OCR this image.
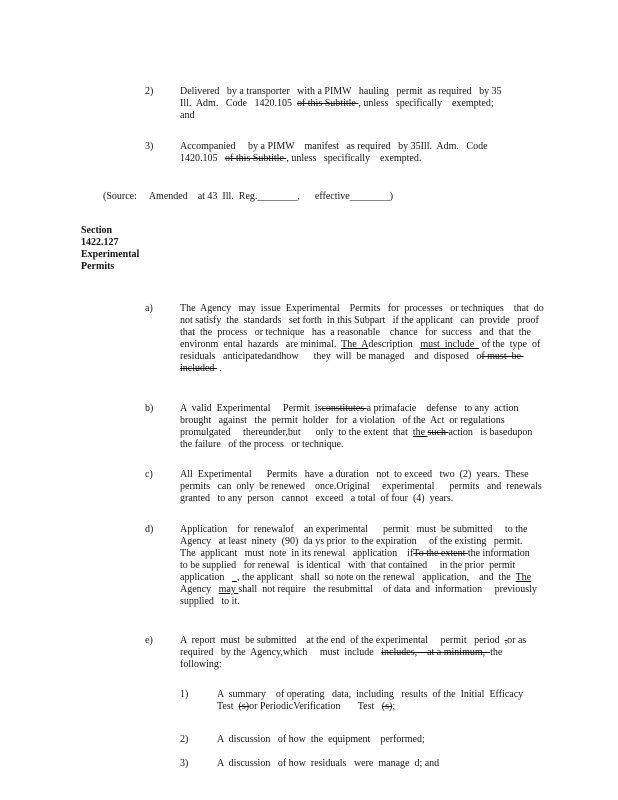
2)	Delivered   by a transporter   with a PIMW   hauling   permit  as required   by 35
Ill.  Adm.   Code   1420.105  of this Subtitle , unless   specifically    exempted;
and
3)	Accompanied     by a PIMW    manifest   as required   by 35Ill.  Adm.   Code
1420.105   of this Subtitle , unless   specifically    exempted.
(Source:     Amended    at 43  Ill.  Reg.________,      effective________)

Section
1422.127
Experimental
Permits

a)	The  Agency   may  issue  Experimental    Permits   for  processes   or techniques    that  do
not satisfy  the  standards   set forth  in this Subpart   if the applicant   can  provide   proof
that  the  process   or technique   has  a reasonable    chance   for  success   and  that  the
environm  ental  hazards   are minimal.  The  Adescription   must  include   of the  type  of
residuals   anticipatedandhow      they  will  be managed    and  disposed   of must  be
included  .
b)	A  valid  Experimental     Permit  isconstitutes a primafacie    defense   to any  action
brought   against   the  permit  holder   for  a violation   of the  Act  or regulations
promulgated     thereunder,but      only  to the extent  that  the such action   is basedupon
the failure   of the process   or technique.
c)	All  Experimental      Permits   have  a duration   not  to exceed   two  (2)  years.  These
permits   can  only  be renewed    once.Original     experimental      permits   and  renewals
granted   to any  person   cannot   exceed   a total  of four  (4)  years.
d)	Application    for  renewalof    an experimental      permit   must  be submitted     to the
Agency   at least  ninety  (90)  da ys prior  to the expiration     of the existing   permit.
The  applicant   must  note  in its renewal   application    ifTo the extent the information
to be supplied   for renewal   is identical   with  that contained     in the prior  permit
application     , the applicant   shall  so note on the renewal   application,    and  the  The
Agency   may shall  not require   the resubmittal    of data  and  information     previously
supplied   to it.
e)	A  report  must  be submitted    at the end  of the experimental     permit   period  ,or as
required   by the  Agency,which     must  include   includes,    at a minimum,  the
following:
1)	A  summary    of operating   data,  including   results  of the  Initial  Efficacy
Test  (s)or PeriodicVerification       Test   (s);
2)	A  discussion   of how  the  equipment    performed;
3)	A  discussion   of how  residuals   were  manage  d; and
